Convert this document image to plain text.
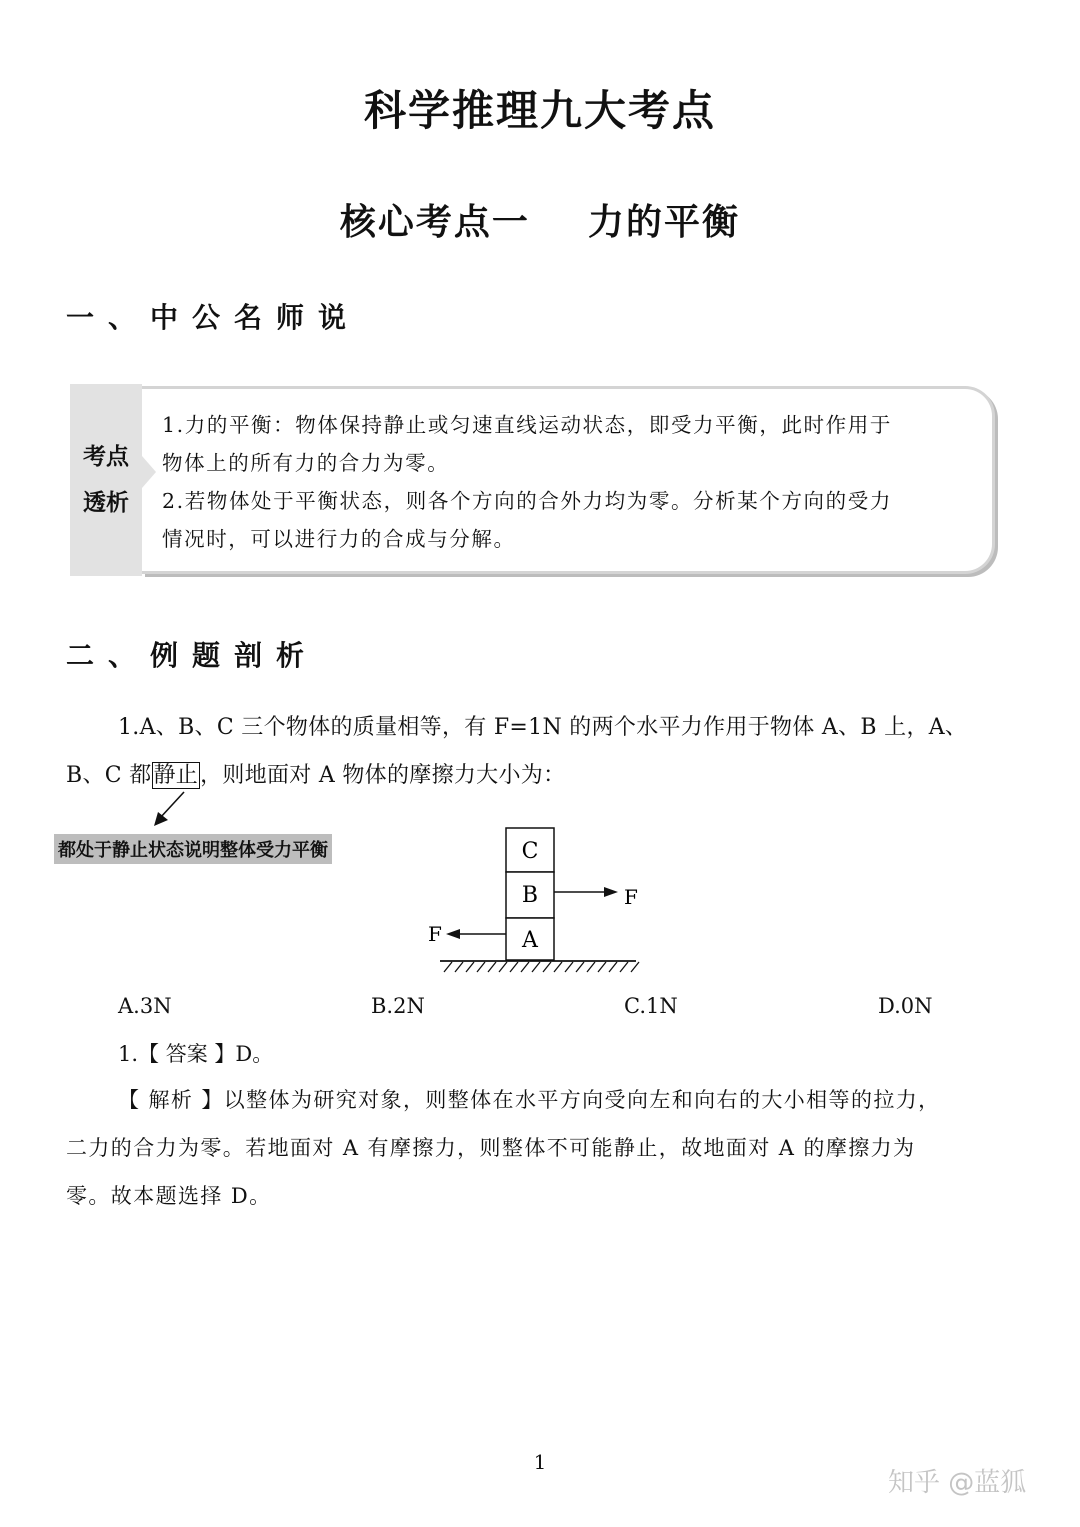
科学推理九大考点
核心考点一    力的平衡
一、中公名师说
考点
透析

1.力的平衡：物体保持静止或匀速直线运动状态，即受力平衡，此时作用于

物体上的所有力的合力为零。

2.若物体处于平衡状态，则各个方向的合外力均为零。分析某个方向的受力

情况时，可以进行力的合成与分解。

二、例题剖析
1.A、B、C 三个物体的质量相等，有 F=1N 的两个水平力作用于物体 A、B 上，A、
B、C 都静止，则地面对 A 物体的摩擦力大小为：
都处于静止状态说明整体受力平衡	C
B
A
F
F
A.3N	B.2N	C.1N	D.0N
1.【 答案 】D。
【 解析 】以整体为研究对象，则整体在水平方向受向左和向右的大小相等的拉力，
二力的合力为零。若地面对 A 有摩擦力，则整体不可能静止，故地面对 A 的摩擦力为
零。故本题选择 D。
1
知乎 @蓝狐
